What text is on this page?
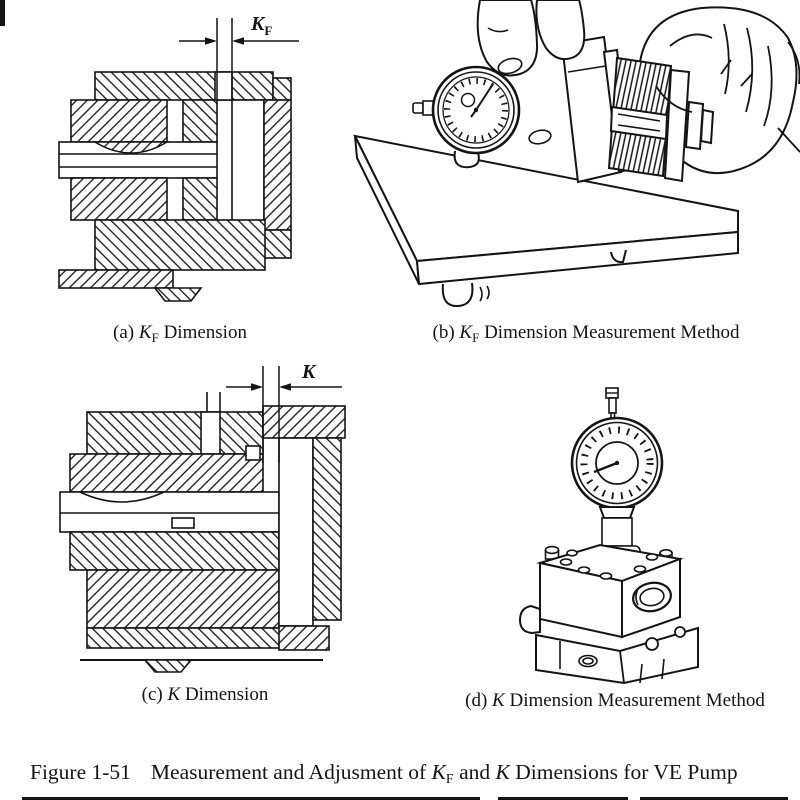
$K_F$
K
(a) $K_F$ Dimension	(b) $K_F$ Dimension Measurement Method
(c) K Dimension	(d) K Dimension Measurement Method
Figure 1-51 Measurement and Adjusment of $K_F$ and K Dimensions for VE Pump
